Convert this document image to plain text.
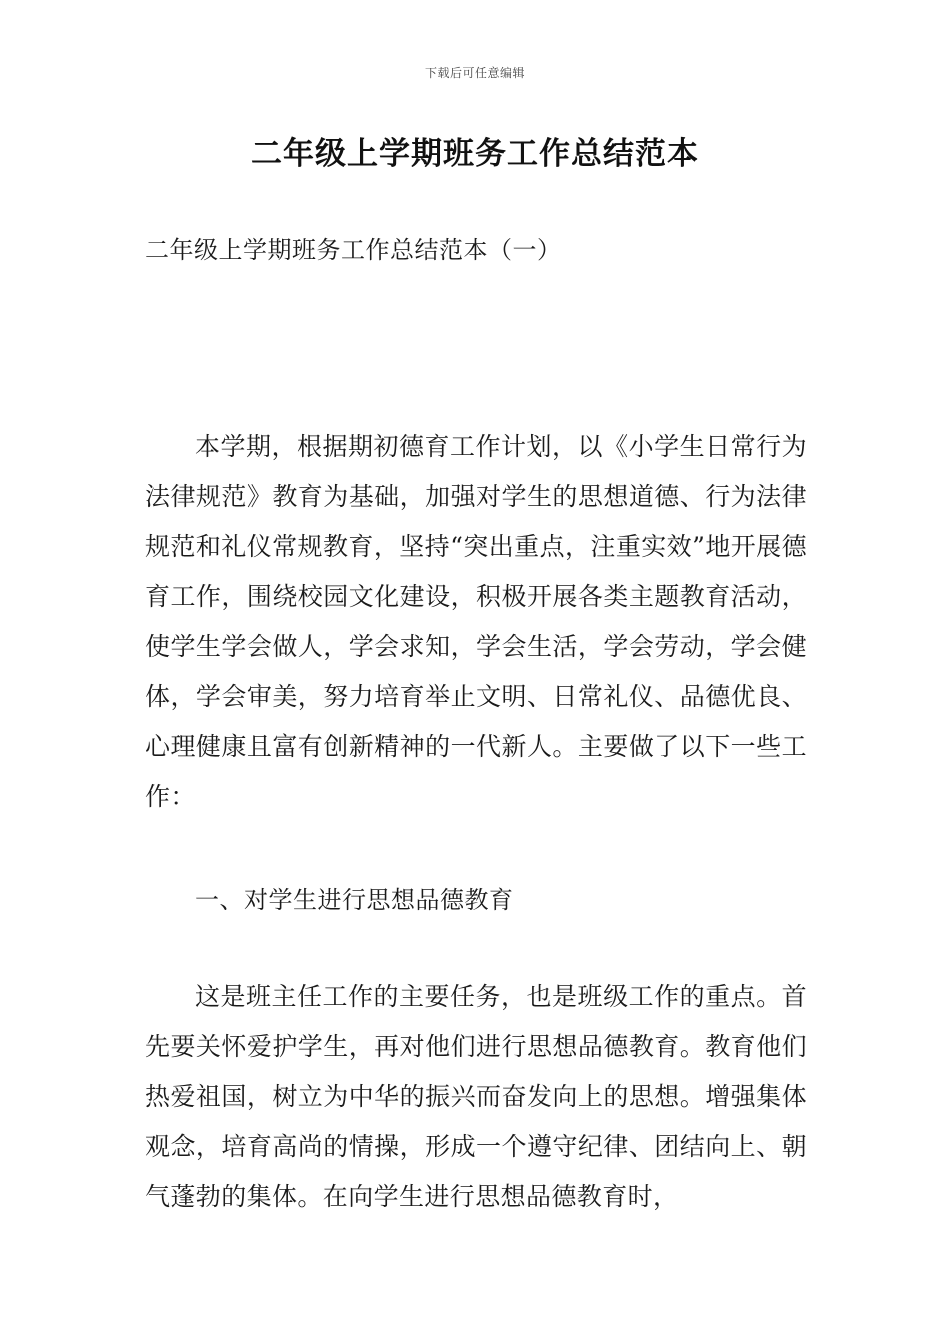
下载后可任意编辑
二年级上学期班务工作总结范本
二年级上学期班务工作总结范本（一）

本学期，根据期初德育工作计划，以《小学生日常行为法律规范》教育为基础，加强对学生的思想道德、行为法律规范和礼仪常规教育，坚持“突出重点，注重实效”地开展德育工作，围绕校园文化建设，积极开展各类主题教育活动，使学生学会做人，学会求知，学会生活，学会劳动，学会健体，学会审美，努力培育举止文明、日常礼仪、品德优良、心理健康且富有创新精神的一代新人。主要做了以下一些工作：

一、对学生进行思想品德教育

这是班主任工作的主要任务，也是班级工作的重点。首先要关怀爱护学生，再对他们进行思想品德教育。教育他们热爱祖国，树立为中华的振兴而奋发向上的思想。增强集体观念，培育高尚的情操，形成一个遵守纪律、团结向上、朝气蓬勃的集体。在向学生进行思想品德教育时，
